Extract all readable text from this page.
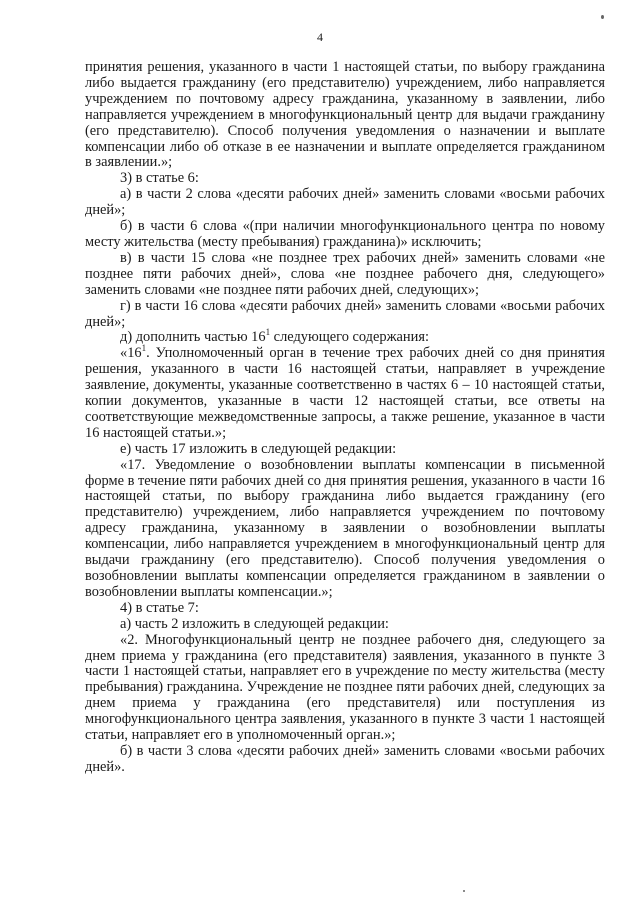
4

принятия решения, указанного в части 1 настоящей статьи, по выбору гражданина либо выдается гражданину (его представителю) учреждением, либо направляется учреждением по почтовому адресу гражданина, указанному в заявлении, либо направляется учреждением в многофункциональный центр для выдачи гражданину (его представителю). Способ получения уведомления о назначении и выплате компенсации либо об отказе в ее назначении и выплате определяется гражданином в заявлении.»;

3) в статье 6:

а) в части 2 слова «десяти рабочих дней» заменить словами «восьми рабочих дней»;

б) в части 6 слова «(при наличии многофункционального центра по новому месту жительства (месту пребывания) гражданина)» исключить;

в) в части 15 слова «не позднее трех рабочих дней» заменить словами «не позднее пяти рабочих дней», слова «не позднее рабочего дня, следующего» заменить словами «не позднее пяти рабочих дней, следующих»;

г) в части 16 слова «десяти рабочих дней» заменить словами «восьми рабочих дней»;

д) дополнить частью $16^1$ следующего содержания:

«$16^1$. Уполномоченный орган в течение трех рабочих дней со дня принятия решения, указанного в части 16 настоящей статьи, направляет в учреждение заявление, документы, указанные соответственно в частях 6 – 10 настоящей статьи, копии документов, указанные в части 12 настоящей статьи, все ответы на соответствующие межведомственные запросы, а также решение, указанное в части 16 настоящей статьи.»;

е) часть 17 изложить в следующей редакции:

«17. Уведомление о возобновлении выплаты компенсации в письменной форме в течение пяти рабочих дней со дня принятия решения, указанного в части 16 настоящей статьи, по выбору гражданина либо выдается гражданину (его представителю) учреждением, либо направляется учреждением по почтовому адресу гражданина, указанному в заявлении о возобновлении выплаты компенсации, либо направляется учреждением в многофункциональный центр для выдачи гражданину (его представителю). Способ получения уведомления о возобновлении выплаты компенсации определяется гражданином в заявлении о возобновлении выплаты компенсации.»;

4) в статье 7:

а) часть 2 изложить в следующей редакции:

«2. Многофункциональный центр не позднее рабочего дня, следующего за днем приема у гражданина (его представителя) заявления, указанного в пункте 3 части 1 настоящей статьи, направляет его в учреждение по месту жительства (месту пребывания) гражданина. Учреждение не позднее пяти рабочих дней, следующих за днем приема у гражданина (его представителя) или поступления из многофункционального центра заявления, указанного в пункте 3 части 1 настоящей статьи, направляет его в уполномоченный орган.»;

б) в части 3 слова «десяти рабочих дней» заменить словами «восьми рабочих дней».
